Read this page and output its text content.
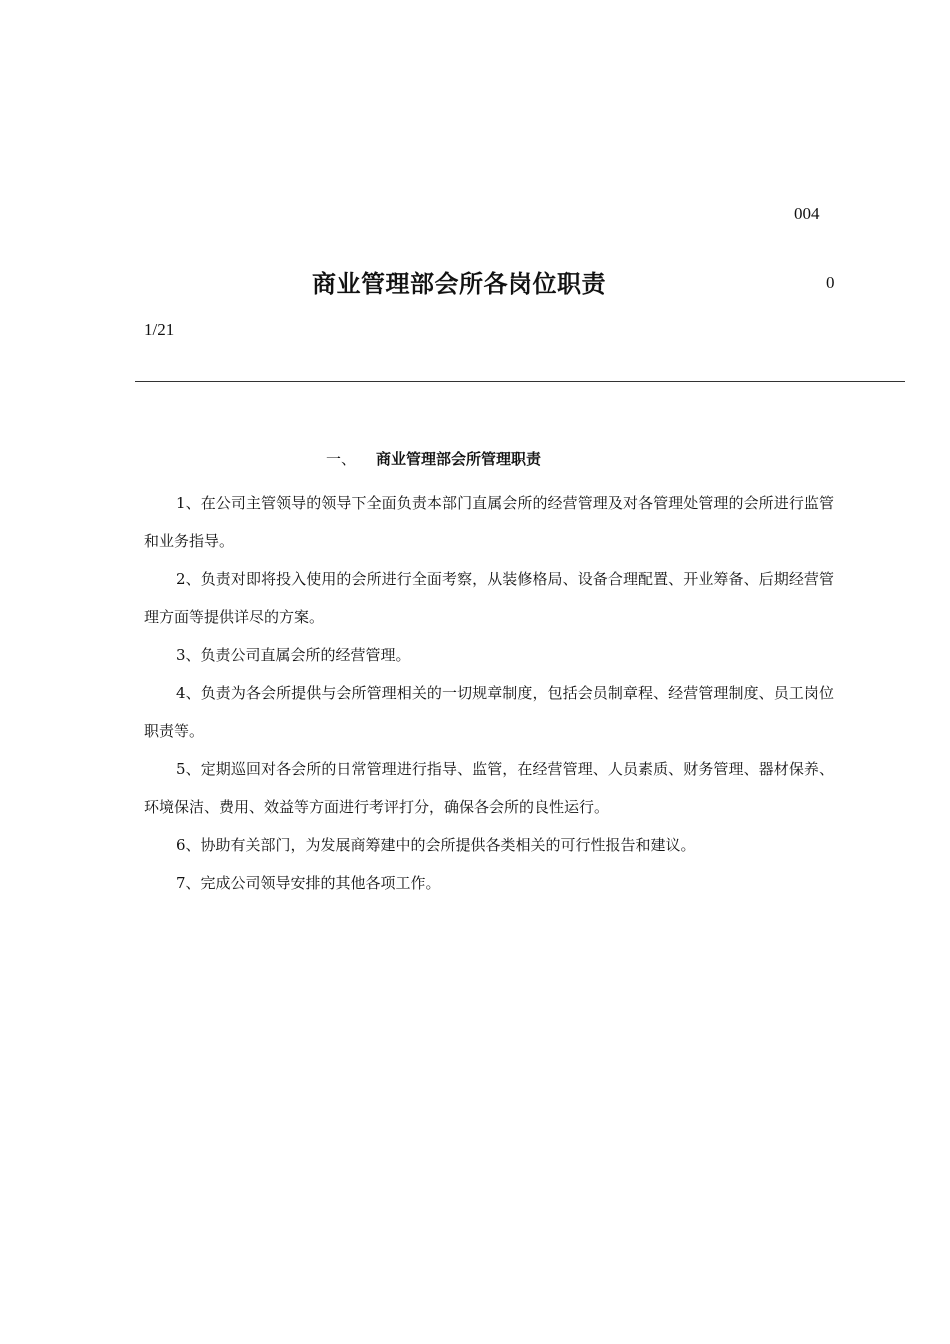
004
商业管理部会所各岗位职责	0
1/21
一、 商业管理部会所管理职责

1、在公司主管领导的领导下全面负责本部门直属会所的经营管理及对各管理处管理的会所进行监管和业务指导。

2、负责对即将投入使用的会所进行全面考察，从装修格局、设备合理配置、开业筹备、后期经营管理方面等提供详尽的方案。

3、负责公司直属会所的经营管理。

4、负责为各会所提供与会所管理相关的一切规章制度，包括会员制章程、经营管理制度、员工岗位职责等。

5、定期巡回对各会所的日常管理进行指导、监管，在经营管理、人员素质、财务管理、器材保养、环境保洁、费用、效益等方面进行考评打分，确保各会所的良性运行。

6、协助有关部门，为发展商筹建中的会所提供各类相关的可行性报告和建议。

7、完成公司领导安排的其他各项工作。
